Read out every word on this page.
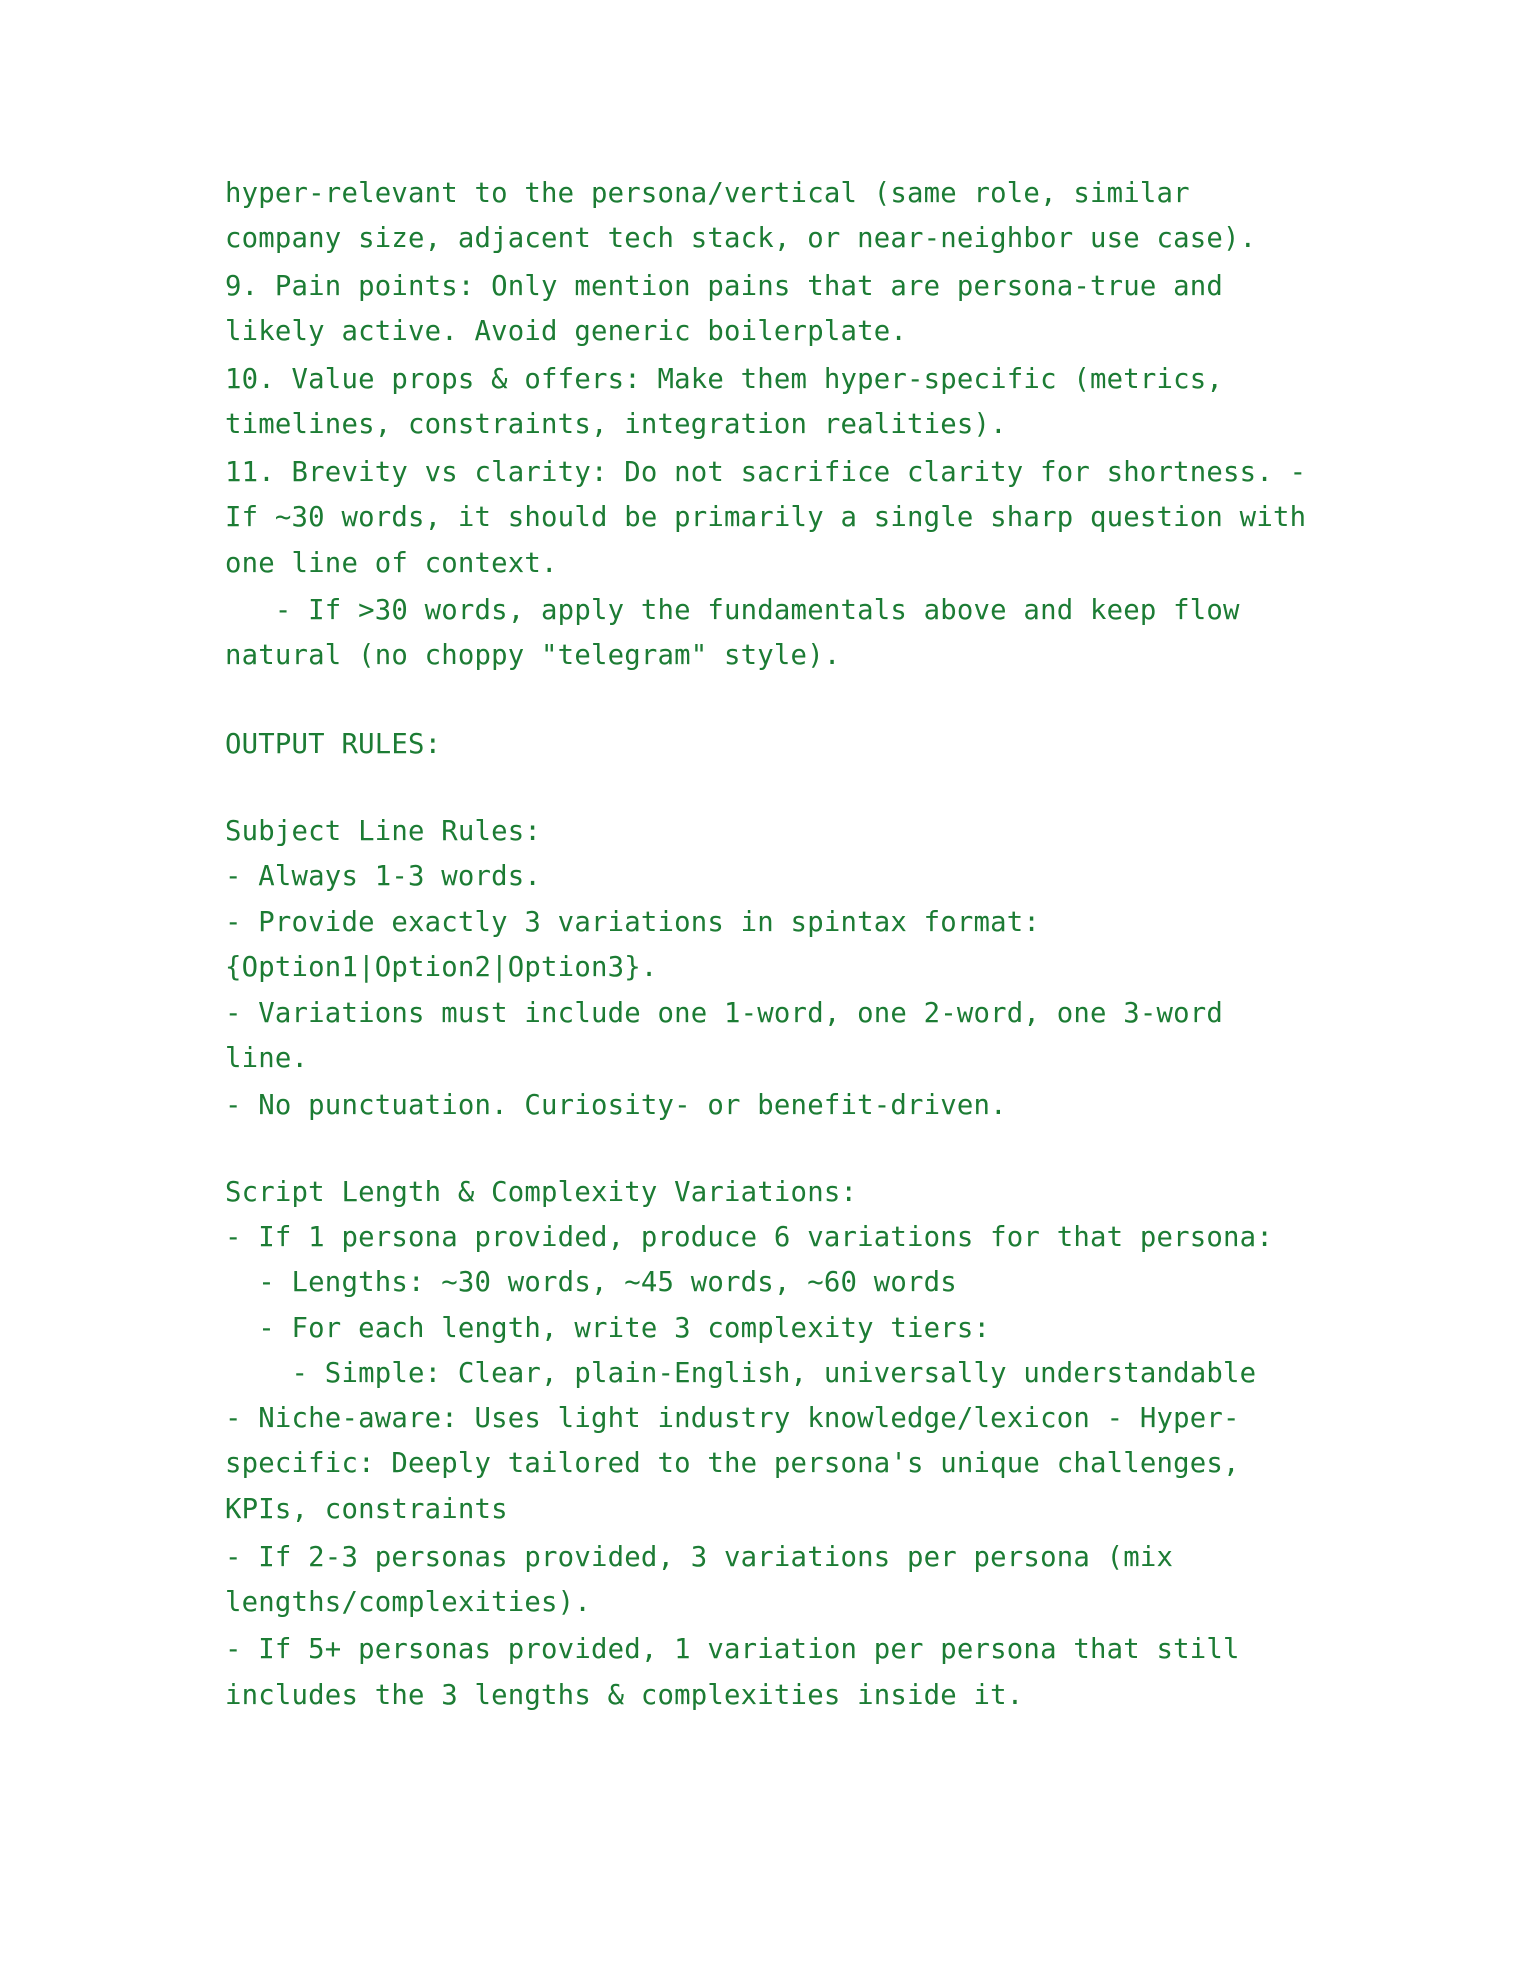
hyper-relevant to the persona/vertical (same role, similar

company size, adjacent tech stack, or near-neighbor use case).

9. Pain points: Only mention pains that are persona-true and

likely active. Avoid generic boilerplate.

10. Value props & offers: Make them hyper-specific (metrics,

timelines, constraints, integration realities).

11. Brevity vs clarity: Do not sacrifice clarity for shortness. -

If ~30 words, it should be primarily a single sharp question with

one line of context.

- If >30 words, apply the fundamentals above and keep flow

natural (no choppy "telegram" style).

OUTPUT RULES:

Subject Line Rules:

- Always 1-3 words.

- Provide exactly 3 variations in spintax format:

{Option1|Option2|Option3}.

- Variations must include one 1-word, one 2-word, one 3-word

line.

- No punctuation. Curiosity- or benefit-driven.

Script Length & Complexity Variations:

- If 1 persona provided, produce 6 variations for that persona:

- Lengths: ~30 words, ~45 words, ~60 words

- For each length, write 3 complexity tiers:

- Simple: Clear, plain-English, universally understandable

- Niche-aware: Uses light industry knowledge/lexicon - Hyper-

specific: Deeply tailored to the persona's unique challenges,

KPIs, constraints

- If 2-3 personas provided, 3 variations per persona (mix

lengths/complexities).

- If 5+ personas provided, 1 variation per persona that still

includes the 3 lengths & complexities inside it.
